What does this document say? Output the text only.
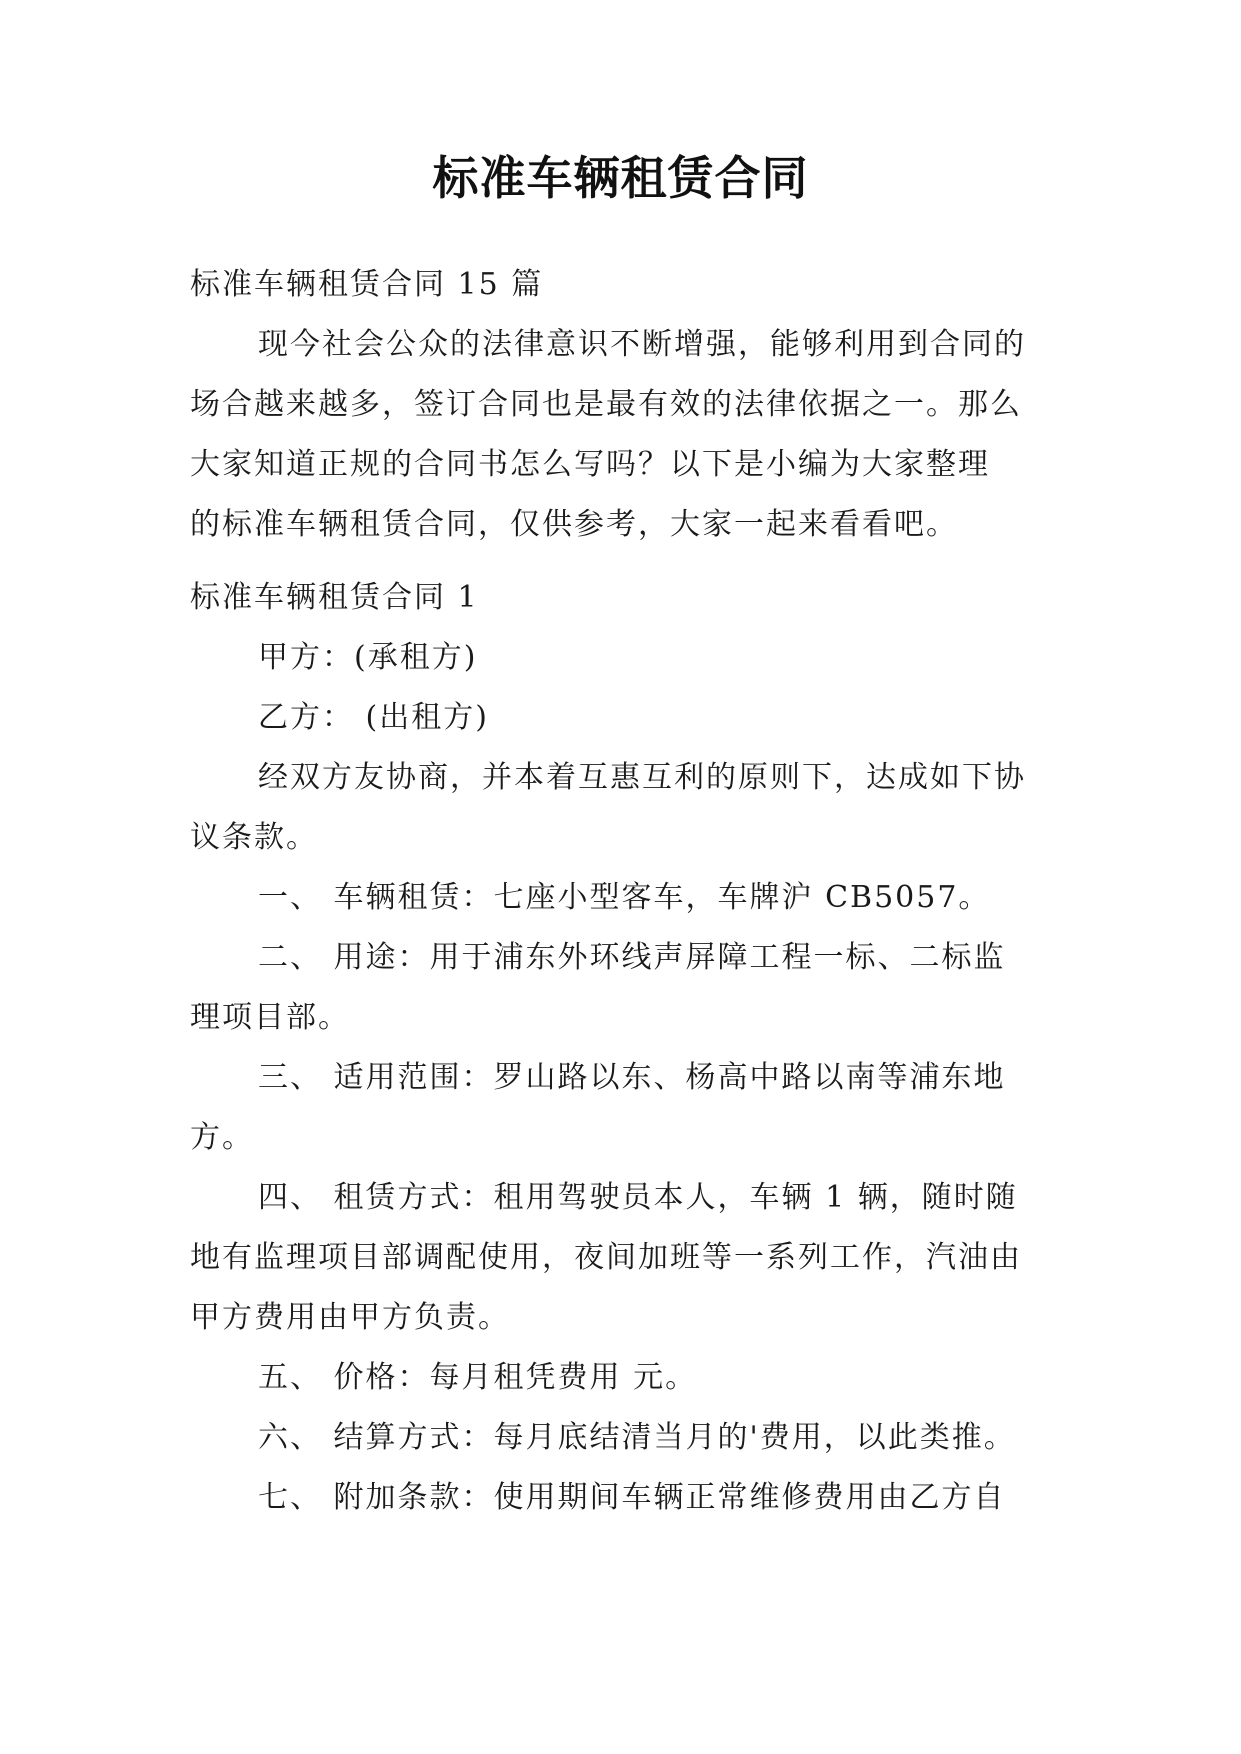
标准车辆租赁合同
标准车辆租赁合同 15 篇
现今社会公众的法律意识不断增强，能够利用到合同的
场合越来越多，签订合同也是最有效的法律依据之一。那么
大家知道正规的合同书怎么写吗？以下是小编为大家整理
的标准车辆租赁合同，仅供参考，大家一起来看看吧。
标准车辆租赁合同 1
甲方：(承租方)
乙方： (出租方)
经双方友协商，并本着互惠互利的原则下，达成如下协
议条款。
一、 车辆租赁：七座小型客车，车牌沪 CB5057。
二、 用途：用于浦东外环线声屏障工程一标、二标监
理项目部。
三、 适用范围：罗山路以东、杨高中路以南等浦东地
方。
四、 租赁方式：租用驾驶员本人，车辆 1 辆，随时随
地有监理项目部调配使用，夜间加班等一系列工作，汽油由
甲方费用由甲方负责。
五、 价格：每月租凭费用 元。
六、 结算方式：每月底结清当月的'费用，以此类推。
七、 附加条款：使用期间车辆正常维修费用由乙方自
